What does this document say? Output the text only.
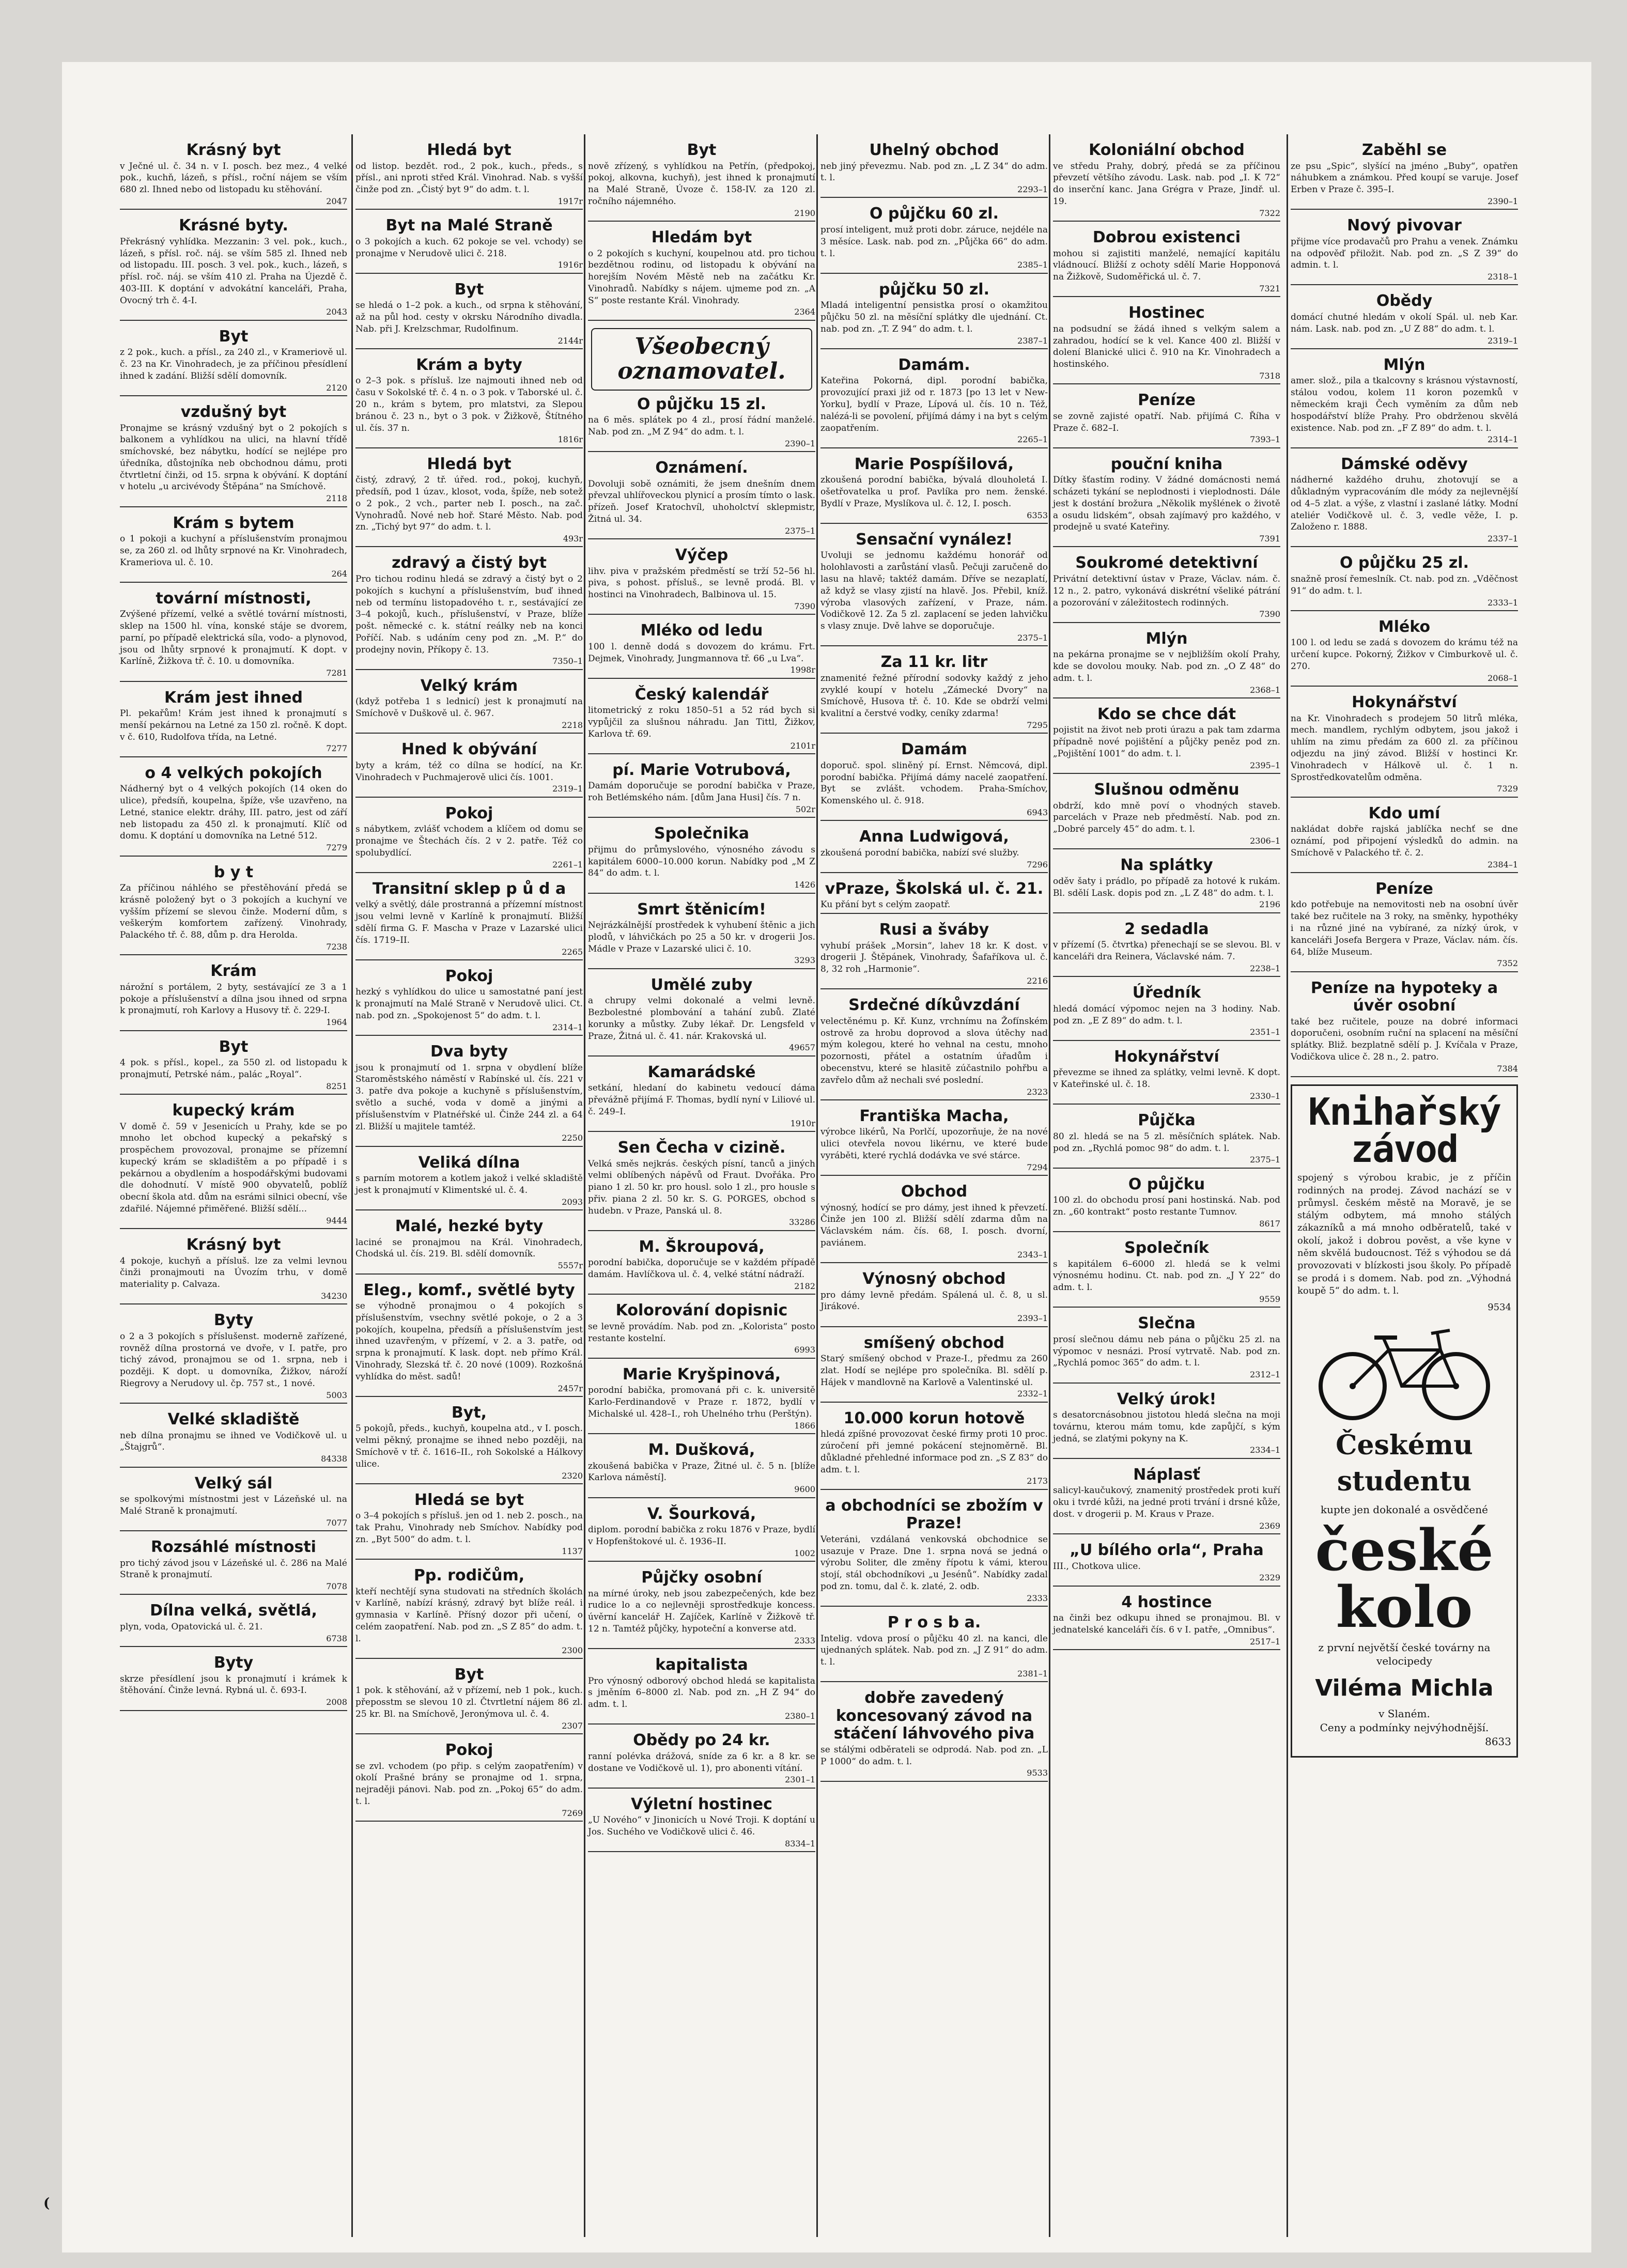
Krásný byt
v Ječné ul. č. 34 n. v I. posch. bez mez., 4 velké pok., kuchň, lázeň, s přísl., roční nájem se vším 680 zl. Ihned nebo od listopadu ku stěhování.
2047
Krásné byty.
Překrásný vyhlídka. Mezzanin: 3 vel. pok., kuch., lázeň, s přísl. roč. náj. se vším 585 zl. Ihned neb od listopadu. III. posch. 3 vel. pok., kuch., lázeň, s přísl. roč. náj. se vším 410 zl. Praha na Újezdě č. 403-III. K doptání v advokátní kanceláři, Praha, Ovocný trh č. 4-I.
2043
Byt
z 2 pok., kuch. a přísl., za 240 zl., v Krameriově ul. č. 23 na Kr. Vinohradech, je za příčinou přesídlení ihned k zadání. Bližší sdělí domovník.
2120
vzdušný byt
Pronajme se krásný vzdušný byt o 2 pokojích s balkonem a vyhlídkou na ulici, na hlavní třídě smíchovské, bez nábytku, hodící se nejlépe pro úředníka, důstojníka neb obchodnou dámu, proti čtvrtletní činži, od 15. srpna k obývání. K doptání v hotelu „u arcivévody Štěpána“ na Smíchově.
2118
Krám s bytem
o 1 pokoji a kuchyní a příslušenstvím pronajmou se, za 260 zl. od lhůty srpnové na Kr. Vinohradech, Krameriova ul. č. 10.
264
tovární místnosti,
Zvýšené přízemí, velké a světlé tovární místnosti, sklep na 1500 hl. vína, konské stáje se dvorem, parní, po případě elektrická síla, vodo- a plynovod, jsou od lhůty srpnové k pronajmutí. K dopt. v Karlíně, Žižkova tř. č. 10. u domovníka.
7281
Krám jest ihned
Pl. pekařům! Krám jest ihned k pronajmutí s menší pekárnou na Letné za 150 zl. ročně. K dopt. v č. 610, Rudolfova třída, na Letné.
7277
o 4 velkých pokojích
Nádherný byt o 4 velkých pokojích (14 oken do ulice), předsíň, koupelna, špíže, vše uzavřeno, na Letné, stanice elektr. dráhy, III. patro, jest od září neb listopadu za 450 zl. k pronajmutí. Klíč od domu. K doptání u domovníka na Letné 512.
7279
b y t
Za příčinou náhlého se přestěhování předá se krásně položený byt o 3 pokojích a kuchyní ve vyšším přízemí se slevou činže. Moderní dům, s veškerým komfortem zařízený. Vinohrady, Palackého tř. č. 88, dům p. dra Herolda.
7238
Krám
nárožní s portálem, 2 byty, sestávající ze 3 a 1 pokoje a příslušenství a dílna jsou ihned od srpna k pronajmutí, roh Karlovy a Husovy tř. č. 229-I.
1964
Byt
4 pok. s přísl., kopel., za 550 zl. od listopadu k pronajmutí, Petrské nám., palác „Royal“.
8251
kupecký krám
V domě č. 59 v Jesenicích u Prahy, kde se po mnoho let obchod kupecký a pekařský s prospěchem provozoval, pronajme se přízemní kupecký krám se skladištěm a po případě i s pekárnou a obydlením a hospodářskými budovami dle dohodnutí. V místě 900 obyvatelů, poblíž obecní škola atd. dům na esrámi silnici obecní, vše zdařilé. Nájemné přiměřené. Bližší sdělí...
9444
Krásný byt
4 pokoje, kuchyň a přísluš. lze za velmi levnou činži pronajmouti na Úvozím trhu, v domě materiality p. Calvaza.
34230
Byty
o 2 a 3 pokojích s příslušenst. moderně zařízené, rovněž dílna prostorná ve dvoře, v I. patře, pro tichý závod, pronajmou se od 1. srpna, neb i později. K dopt. u domovníka, Žižkov, nároží Riegrovy a Nerudovy ul. čp. 757 st., 1 nové.
5003
Velké skladiště
neb dílna pronajmu se ihned ve Vodičkově ul. u „Štajgrů“.
84338
Velký sál
se spolkovými místnostmi jest v Lázeňské ul. na Malé Straně k pronajmutí.
7077
Rozsáhlé místnosti
pro tichý závod jsou v Lázeňské ul. č. 286 na Malé Straně k pronajmutí.
7078
Dílna velká, světlá,
plyn, voda, Opatovická ul. č. 21.
6738
Byty
skrze přesídlení jsou k pronajmutí i krámek k štěhování. Činže levná. Rybná ul. č. 693-I.
2008
Hledá byt
od listop. bezdět. rod., 2 pok., kuch., předs., s přísl., ani nproti střed Král. Vinohrad. Nab. s vyšší činže pod zn. „Čistý byt 9“ do adm. t. l.
1917r
Byt na Malé Straně
o 3 pokojích a kuch. 62 pokoje se vel. vchody) se pronajme v Nerudově ulici č. 218.
1916r
Byt
se hledá o 1–2 pok. a kuch., od srpna k stěhování, až na půl hod. cesty v okrsku Národního divadla. Nab. při J. Krelzschmar, Rudolfinum.
2144r
Krám a byty
o 2–3 pok. s přísluš. lze najmouti ihned neb od času v Sokolské tř. č. 4 n. o 3 pok. v Taborské ul. č. 20 n., krám s bytem, pro mlatstvi, za Slepou bránou č. 23 n., byt o 3 pok. v Žižkově, Štítného ul. čís. 37 n.
1816r
Hledá byt
čistý, zdravý, 2 tř. úřed. rod., pokoj, kuchyň, předsíň, pod 1 úzav., klosot, voda, špíže, neb sotež o 2 pok., 2 vch., parter neb I. posch., na zač. Vynohradů. Nové neb hoř. Staré Město. Nab. pod zn. „Tichý byt 97“ do adm. t. l.
493r
zdravý a čistý byt
Pro tichou rodinu hledá se zdravý a čistý byt o 2 pokojích s kuchyní a příslušenstvím, buď ihned neb od termínu listopadového t. r., sestávající ze 3–4 pokojů, kuch., příslušenství, v Praze, blíže pošt. německé c. k. státní reálky neb na konci Poříčí. Nab. s udáním ceny pod zn. „M. P.“ do prodejny novin, Příkopy č. 13.
7350–1
Velký krám
(když potřeba 1 s lednicí) jest k pronajmutí na Smíchově v Duškově ul. č. 967.
2218
Hned k obývání
byty a krám, též co dílna se hodící, na Kr. Vinohradech v Puchmajerově ulici čís. 1001.
2319–1
Pokoj
s nábytkem, zvlášť vchodem a klíčem od domu se pronajme ve Štechách čís. 2 v 2. patře. Též co spolubydlící.
2261–1
Transitní sklep p ů d a
velký a světlý, dále prostranná a přízemní místnost jsou velmi levně v Karlíně k pronajmutí. Bližší sdělí firma G. F. Mascha v Praze v Lazarské ulici čís. 1719–II.
2265
Pokoj
hezký s vyhlídkou do ulice u samostatné paní jest k pronajmutí na Malé Straně v Nerudově ulici. Ct. nab. pod zn. „Spokojenost 5“ do adm. t. l.
2314–1
Dva byty
jsou k pronajmutí od 1. srpna v obydlení blíže Staroměstského náměstí v Rabínské ul. čís. 221 v 3. patře dva pokoje a kuchyně s příslušenstvím, světlo a suché, voda v domě a jinými a příslušenstvím v Platnéřské ul. Činže 244 zl. a 64 zl. Bližší u majitele tamtéž.
2250
Veliká dílna
s parním motorem a kotlem jakož i velké skladiště jest k pronajmutí v Klimentské ul. č. 4.
2093
Malé, hezké byty
laciné se pronajmou na Král. Vinohradech, Chodská ul. čís. 219. Bl. sdělí domovník.
5557r
Eleg., komf., světlé byty
se výhodně pronajmou o 4 pokojích s příslušenstvím, vsechny světlé pokoje, o 2 a 3 pokojích, koupelna, předsíň a příslušenstvím jest ihned uzavřeným, v přízemí, v 2. a 3. patře, od srpna k pronajmutí. K lask. dopt. neb přímo Král. Vinohrady, Slezská tř. č. 20 nové (1009). Rozkošná vyhlídka do měst. sadů!
2457r
Byt,
5 pokojů, předs., kuchyň, koupelna atd., v I. posch. velmi pěkný, pronajme se ihned nebo později, na Smíchově v tř. č. 1616–II., roh Sokolské a Hálkovy ulice.
2320
Hledá se byt
o 3–4 pokojích s přísluš. jen od 1. neb 2. posch., na tak Prahu, Vinohrady neb Smíchov. Nabídky pod zn. „Byt 500“ do adm. t. l.
1137
Pp. rodičům,
kteří nechtějí syna studovati na středních školách v Karlíně, nabízí krásný, zdravý byt blíže reál. i gymnasia v Karlíně. Přísný dozor při učení, o celém zaopatření. Nab. pod zn. „S Z 85“ do adm. t. l.
2300
Byt
1 pok. k stěhování, až v přízemí, neb 1 pok., kuch. přeposstm se slevou 10 zl. Čtvrtletní nájem 86 zl. 25 kr. Bl. na Smíchově, Jeronýmova ul. č. 4.
2307
Pokoj
se zvl. vchodem (po přip. s celým zaopatřením) v okolí Prašné brány se pronajme od 1. srpna, nejraději pánovi. Nab. pod zn. „Pokoj 65“ do adm. t. l.
7269
Byt
nově zřízený, s vyhlídkou na Petřín, (předpokoj, pokoj, alkovna, kuchyň), jest ihned k pronajmutí na Malé Straně, Úvoze č. 158-IV. za 120 zl. ročního nájemného.
2190
Hledám byt
o 2 pokojích s kuchyní, koupelnou atd. pro tichou bezdětnou rodinu, od listopadu k obývání na horejším Novém Městě neb na začátku Kr. Vinohradů. Nabídky s nájem. ujmeme pod zn. „A S“ poste restante Král. Vinohrady.
2364
Všeobecný oznamovatel.
O půjčku 15 zl.
na 6 měs. splátek po 4 zl., prosí řádní manželé. Nab. pod zn. „M Z 94“ do adm. t. l.
2390–1
Oznámení.
Dovoluji sobě oznámiti, že jsem dnešním dnem převzal uhlířoveckou plynicí a prosím tímto o lask. přízeň. Josef Kratochvíl, uhoholctví sklepmistr, Žitná ul. 34.
2375–1
Výčep
lihv. piva v pražském předměstí se trží 52–56 hl. piva, s pohost. přísluš., se levně prodá. Bl. v hostinci na Vinohradech, Balbinova ul. 15.
7390
Mléko od ledu
100 l. denně dodá s dovozem do krámu. Frt. Dejmek, Vinohrady, Jungmannova tř. 66 „u Lva“.
1998r
Český kalendář
litometrický z roku 1850–51 a 52 rád bych si vypůjčil za slušnou náhradu. Jan Tittl, Žižkov, Karlova tř. 69.
2101r
pí. Marie Votrubová,
Damám doporučuje se porodní babička v Praze, roh Betlémského nám. [dům Jana Husi] čís. 7 n.
502r
Společnika
přijmu do průmyslového, výnosného závodu s kapitálem 6000–10.000 korun. Nabídky pod „M Z 84“ do adm. t. l.
1426
Smrt štěnicím!
Nejrázkálnější prostředek k vyhubení štěnic a jich plodů, v láhvičkách po 25 a 50 kr. v drogerii Jos. Mádle v Praze v Lazarské ulici č. 10.
3293
Umělé zuby
a chrupy velmi dokonalé a velmi levně. Bezbolestné plombování a tahání zubů. Zlaté korunky a můstky. Zuby lékař. Dr. Lengsfeld v Praze, Žitná ul. č. 41. nár. Krakovská ul.
49657
Kamarádské
setkání, hledaní do kabinetu vedoucí dáma převážně přijímá F. Thomas, bydlí nyní v Liliové ul. č. 249–I.
1910r
Sen Čecha v cizině.
Velká směs nejkrás. českých písní, tanců a jiných velmi oblíbených nápěvů od Fraut. Dvořáka. Pro piano 1 zl. 50 kr. pro housl. solo 1 zl., pro housle s přiv. piana 2 zl. 50 kr. S. G. PORGES, obchod s hudebn. v Praze, Panská ul. 8.
33286
M. Škroupová,
porodní babička, doporučuje se v každém případě damám. Havlíčkova ul. č. 4, velké státní nádraží.
2182
Kolorování dopisnic
se levně provádím. Nab. pod zn. „Koloristа“ posto restante kostelní.
6993
Marie Kryšpinová,
porodní babička, promovaná při c. k. universitě Karlo-Ferdinandově v Praze r. 1872, bydlí v Michalské ul. 428–I., roh Uhelného trhu (Perštýn).
1866
M. Dušková,
zkoušená babička v Praze, Žitné ul. č. 5 n. [blíže Karlova náměstí].
9600
V. Šourková,
diplom. porodní babička z roku 1876 v Praze, bydlí v Hopfenštokové ul. č. 1936–II.
1002
Půjčky osobní
na mírné úroky, neb jsou zabezpečených, kde bez rudice lo a co nejlevněji sprostředkuje koncess. úvěrní kancelář H. Zajíček, Karlíně v Žižkově tř. 12 n. Tamtéž půjčky, hypoteční a konverse atd.
2333
kapitalista
Pro výnosný odborový obchod hledá se kapitalista s jměním 6–8000 zl. Nab. pod zn. „H Z 94“ do adm. t. l.
2380–1
Obědy po 24 kr.
ranní polévka drážová, sníde za 6 kr. a 8 kr. se dostane ve Vodičkově ul. 1), pro abonenti vítání.
2301–1
Výletní hostinec
„U Nového“ v Jinonicích u Nové Troji. K doptání u Jos. Suchého ve Vodičkově ulici č. 46.
8334–1
Uhelný obchod
neb jiný převezmu. Nab. pod zn. „L Z 34“ do adm. t. l.
2293–1
O půjčku 60 zl.
prosí inteligent, muž proti dobr. záruce, nejdéle na 3 měsíce. Lask. nab. pod zn. „Půjčka 66“ do adm. t. l.
2385–1
půjčku 50 zl.
Mladá inteligentní pensistka prosí o okamžitou půjčku 50 zl. na měsíční splátky dle ujednání. Ct. nab. pod zn. „T. Z 94“ do adm. t. l.
2387–1
Damám.
Kateřina Pokorná, dipl. porodní babička, provozující praxi již od r. 1873 [po 13 let v New-Yorku], bydlí v Praze, Lípová ul. čís. 10 n. Též, nalézá-li se povolení, přijímá dámy i na byt s celým zaopatřením.
2265–1
Marie Pospíšilová,
zkoušená porodní babička, bývalá dlouholetá I. ošetřovatelka u prof. Pavlíka pro nem. ženské. Bydlí v Praze, Myslíkova ul. č. 12, I. posch.
6353
Sensační vynález!
Uvoluji se jednomu každému honorář od holohlavosti a zarůstání vlasů. Pečuji zaručeně do lasu na hlavě; taktéž damám. Dříve se nezaplatí, až když se vlasy zjistí na hlavě. Jos. Přebil, kníž. výroba vlasových zařízení, v Praze, nám. Vodičkově 12. Za 5 zl. zaplacení se jeden lahvičku s vlasy znuje. Dvě lahve se doporučuje.
2375–1
Za 11 kr. litr
znamenité řežné přírodní sodovky každý z jeho zvyklé koupí v hotelu „Zámecké Dvory“ na Smíchově, Husova tř. č. 10. Kde se obdrží velmi kvalitní a čerstvé vodky, ceníky zdarma!
7295
Damám
doporuč. spol. sliněný pí. Ernst. Němcová, dipl. porodní babička. Přijímá dámy nacelé zaopatření. Byt se zvlášt. vchodem. Praha-Smíchov, Komenského ul. č. 918.
6943
Anna Ludwigová,
zkoušená porodní babička, nabízí své služby.
7296
vPraze, Školská ul. č. 21.
Ku přání byt s celým zaopatř.
Rusi a švábу
vyhubí prášek „Morsin“, lahev 18 kr. K dost. v drogerii J. Štěpánek, Vinohrady, Šafaříkova ul. č. 8, 32 roh „Harmonie“.
2216
Srdečné díkůvzdání
velectěnému p. Kř. Kunz, vrchnímu na Žofínském ostrově za hrobu doprovod a slova útěchy nad mým kolegou, které ho vehnal na cestu, mnoho pozornosti, přátel a ostatním úřadům i obecenstvu, které se hlasitě zúčastnilo pohřbu a zavřelo dům až nechali své poslední.
2323
Františka Macha,
výrobce likérů, Na Porlčí, upozorňuje, že na nové ulici otevřela novou likérnu, ve které bude vyráběti, které rychlá dodávka ve své stárce.
7294
Obchod
výnosný, hodící se pro dámy, jest ihned k převzetí. Činže jen 100 zl. Bližší sdělí zdarma dům na Václavském nám. čís. 68, I. posch. dvorní, paviánem.
2343–1
Výnosný obchod
pro dámy levně předám. Spálená ul. č. 8, u sl. Jirákové.
2393–1
smíšený obchod
Starý smíšený obchod v Praze-I., předmu za 260 zlat. Hodí se nejlépe pro společníka. Bl. sdělí p. Hájek v mandlovně na Karlově a Valentinské ul.
2332–1
10.000 korun hotově
hledá zpíšné provozovat české firmy proti 10 proc. zúročení při jemné pokácení stejnoměrně. Bl. důkladné přehledné informace pod zn. „S Z 83“ do adm. t. l.
2173
a obchodníci se zbožím v Praze!
Veteráni, vzdálaná venkovská obchodnice se usazuje v Praze. Dne 1. srpna nová se jedná o výrobu Soliter, dle změny řípotu k vámi, kterou stojí, stál obchodníkovi „u Jesénů“. Nabídky zadal pod zn. tomu, dal č. k. zlaté, 2. odb.
2333
P r o s b a.
Intelig. vdova prosí o půjčku 40 zl. na kanci, dle ujednaných splátek. Nab. pod zn. „J Z 91“ do adm. t. l.
2381–1
dobře zavedený koncesovaný závod na stáčení láhvového piva
se stálými odběrateli se odprodá. Nab. pod zn. „L P 1000“ do adm. t. l.
9533
Koloniální obchod
ve středu Prahy, dobrý, předá se za příčinou převzetí většího závodu. Lask. nab. pod „I. K 72“ do inserční kanc. Jana Grégra v Praze, Jindř. ul. 19.
7322
Dobrou existenci
mohou si zajistiti manželé, nemající kapitálu vládnoucí. Bližší z ochoty sdělí Marie Hopponová na Žižkově, Sudoměřická ul. č. 7.
7321
Hostinec
na podsudní se žádá ihned s velkým salem a zahradou, hodící se k vel. Kance 400 zl. Bližší v dolení Blanické ulici č. 910 na Kr. Vinohradech a hostinského.
7318
Peníze
se zovně zajisté opatří. Nab. přijímá C. Říha v Praze č. 682–I.
7393–1
pouční kniha
Dítky šťastím rodiny. V žádné domácnosti nemá scházeti tykání se neplodnosti i vieplodnosti. Dále jest k dostání brožura „Několik myšlének o životě a osudu lidském“, obsah zajímavý pro každého, v prodejně u svaté Kateřiny.
7391
Soukromé detektivní
Privátní detektivní ústav v Praze, Václav. nám. č. 12 n., 2. patro, vykonává diskrétní všeliké pátrání a pozorování v záležitostech rodinných.
7390
Mlýn
na pekárna pronajme se v nejbližším okolí Prahy, kde se dovolou mouky. Nab. pod zn. „O Z 48“ do adm. t. l.
2368–1
Kdo se chce dát
pojistit na život neb proti úrazu a pak tam zdarma případně nové pojištění a půjčky peněz pod zn. „Pojištění 1001“ do adm. t. l.
2395–1
Slušnou odměnu
obdrží, kdo mně poví o vhodných staveb. parcelách v Praze neb předměstí. Nab. pod zn. „Dobré parcely 45“ do adm. t. l.
2306–1
Na splátky
oděv šaty i prádlo, po případě za hotové k rukám. Bl. sdělí Lask. dopis pod zn. „L Z 48“ do adm. t. l.
2196
2 sedadla
v přízemí (5. čtvrtka) přenechají se se slevou. Bl. v kanceláři dra Reinera, Václavské nám. 7.
2238–1
Úředník
hledá domácí výpomoc nejen na 3 hodiny. Nab. pod zn. „E Z 89“ do adm. t. l.
2351–1
Hokynářství
převezme se ihned za splátky, velmi levně. K dopt. v Kateřinské ul. č. 18.
2330–1
Půjčka
80 zl. hledá se na 5 zl. měsíčních splátek. Nab. pod zn. „Rychlá pomoc 98“ do adm. t. l.
2375–1
O půjčku
100 zl. do obchodu prosí pani hostinská. Nab. pod zn. „60 kontrakt“ posto restante Tumnov.
8617
Společník
s kapitálem 6–6000 zl. hledá se k velmi výnosnému hodinu. Ct. nab. pod zn. „J Y 22“ do adm. t. l.
9559
Slečna
prosí slečnou dámu neb pána o půjčku 25 zl. na výpomoc v nesnázi. Prosí vytrvatě. Nab. pod zn. „Rychlá pomoc 365“ do adm. t. l.
2312–1
Velký úrok!
s desatorcnásobnou jistotou hledá slečna na moji továrnu, kterou mám tomu, kde zapůjčí, s kým jedná, se zlatými pokyny na K.
2334–1
Náplasť
salicyl-kaučukový, znamenitý prostředek proti kuří oku i tvrdé kůži, na jedné proti trvání i drsné kůže, dost. v drogerii p. M. Kraus v Praze.
2369
„U bílého orla“, Praha
III., Chotkova ulice.
2329
4 hostince
na činži bez odkupu ihned se pronajmou. Bl. v jednatelské kanceláři čís. 6 v I. patře, „Omnibus“.
2517–1
Zaběhl se
ze psu „Spic“, slyšící na jméno „Buby“, opatřen náhubkem a známkou. Před koupí se varuje. Josef Erben v Praze č. 395–I.
2390–1
Nový pivovar
přijme více prodavačů pro Prahu a venek. Známku na odpověď přiložit. Nab. pod zn. „S Z 39“ do admin. t. l.
2318–1
Obědy
domácí chutné hledám v okolí Spál. ul. neb Kar. nám. Lask. nab. pod zn. „U Z 88“ do adm. t. l.
2319–1
Mlýn
amer. slož., pila a tkalcovny s krásnou výstavností, stálou vodou, kolem 11 koron pozemků v německém kraji Čech vyměním za dům neb hospodářství blíže Prahy. Pro obdrženou skvělá existence. Nab. pod zn. „F Z 89“ do adm. t. l.
2314–1
Dámské oděvy
nádherné každého druhu, zhotovují se a důkladným vypracováním dle módy za nejlevnější od 4–5 zlat. a výše, z vlastní i zaslané látky. Modní ateliér Vodičkově ul. č. 3, vedle věže, I. p. Založeno r. 1888.
2337–1
O půjčku 25 zl.
snažně prosí řemeslník. Ct. nab. pod zn. „Vděčnost 91“ do adm. t. l.
2333–1
Mléko
100 l. od ledu se zadá s dovozem do krámu též na určení kupce. Pokorný, Žižkov v Cimburkově ul. č. 270.
2068–1
Hokynářství
na Kr. Vinohradech s prodejem 50 litrů mléka, mech. mandlem, rychlým odbytem, jsou jakož i uhlím na zimu předám za 600 zl. za příčinou odjezdu na jiný závod. Bližší v hostinci Kr. Vinohradech v Hálkově ul. č. 1 n. Sprostředkovatelům odměna.
7329
Kdo umí
nakládat dobře rajská jablíčka nechť se dne oznámí, pod připojení výsledků do admin. na Smíchově v Palackého tř. č. 2.
2384–1
Peníze
kdo potřebuje na nemovitosti neb na osobní úvěr také bez ručitele na 3 roky, na směnky, hypothéky i na různé jiné na vybírané, za nízký úrok, v kanceláři Josefa Bergera v Praze, Václav. nám. čís. 64, blíže Museum.
7352
Peníze na hypoteky a úvěr osobní
také bez ručitele, pouze na dobré informaci doporučeni, osobním ruční na splacení na měsíční splátky. Bliž. bezplatně sdělí p. J. Kvíčala v Praze, Vodičkova ulice č. 28 n., 2. patro.
7384
Knihařský závod
spojený s výrobou krabic, je z příčin rodinných na prodej. Závod nachází se v průmysl. českém městě na Moravě, je se stálým odbytem, má mnoho stálých zákazníků a má mnoho odběratelů, také v okolí, jakož i dobrou pověst, a vše kyne v něm skvělá budoucnost. Též s výhodou se dá provozovati v blízkosti jsou školy. Po případě se prodá i s domem. Nab. pod zn. „Výhodná koupě 5“ do adm. t. l.
9534
Českému studentu
kupte jen dokonalé a osvědčené
české kolo
z první největší české továrny na velocipedy
Viléma Michla
v Slaném.
Ceny a podmínky nejvýhodnější.
8633
(
